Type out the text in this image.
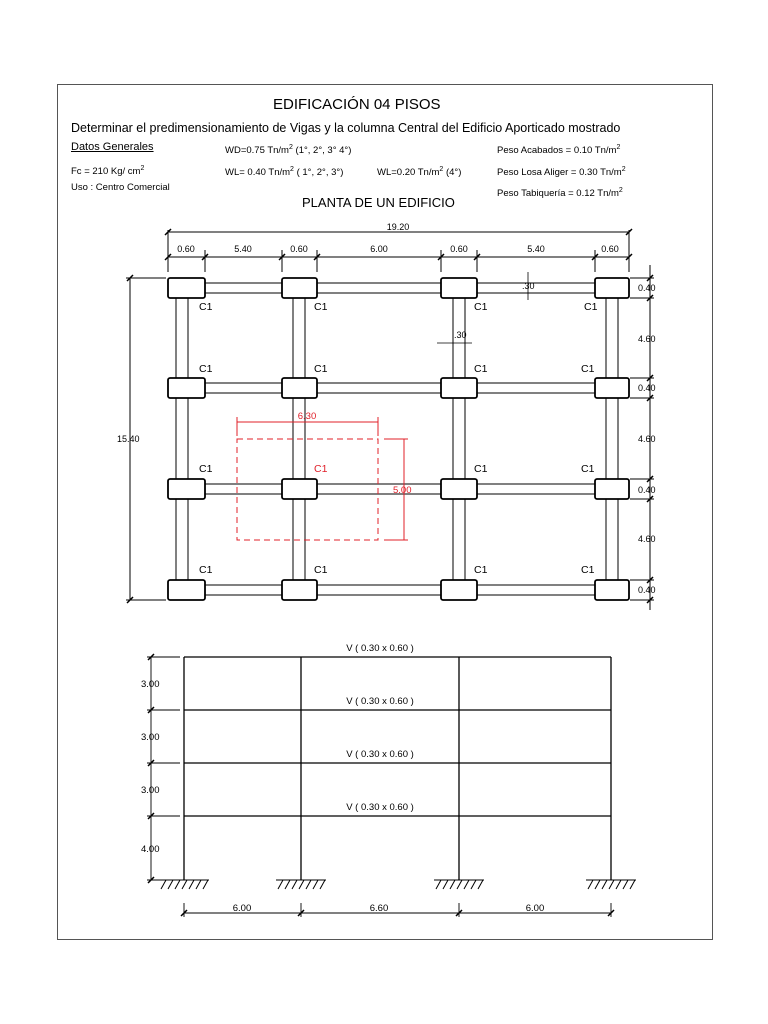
EDIFICACIÓN 04 PISOS
Determinar el predimensionamiento de Vigas y la columna Central del Edificio Aporticado mostrado
Datos Generales
Fc = 210 Kg/ $cm^2$
Uso : Centro Comercial
WD=0.75 $Tn/m^2$ (1°, 2°, 3° 4°)
WL= 0.40 $Tn/m^2$ ( 1°, 2°, 3°)	WL=0.20 $Tn/m^2$ (4°)
Peso Acabados = 0.10 $Tn/m^2$
Peso Losa Aliger = 0.30 $Tn/m^2$
Peso Tabiquería = 0.12 $Tn/m^2$
PLANTA DE UN EDIFICIO
19.20
0.60	5.40	0.60	6.00	0.60	5.40	0.60
15.40
0.40
4.60
0.40
4.60
0.40
4.60
0.40
.30
.30
C1	C1	C1	C1
C1	C1	C1	C1
C1	C1	C1	C1
C1	C1	C1	C1
6.30
5.00
V ( 0.30 x 0.60 )
V ( 0.30 x 0.60 )
V ( 0.30 x 0.60 )
V ( 0.30 x 0.60 )
3.00
3.00
3.00
4.00
6.00	6.60	6.00
